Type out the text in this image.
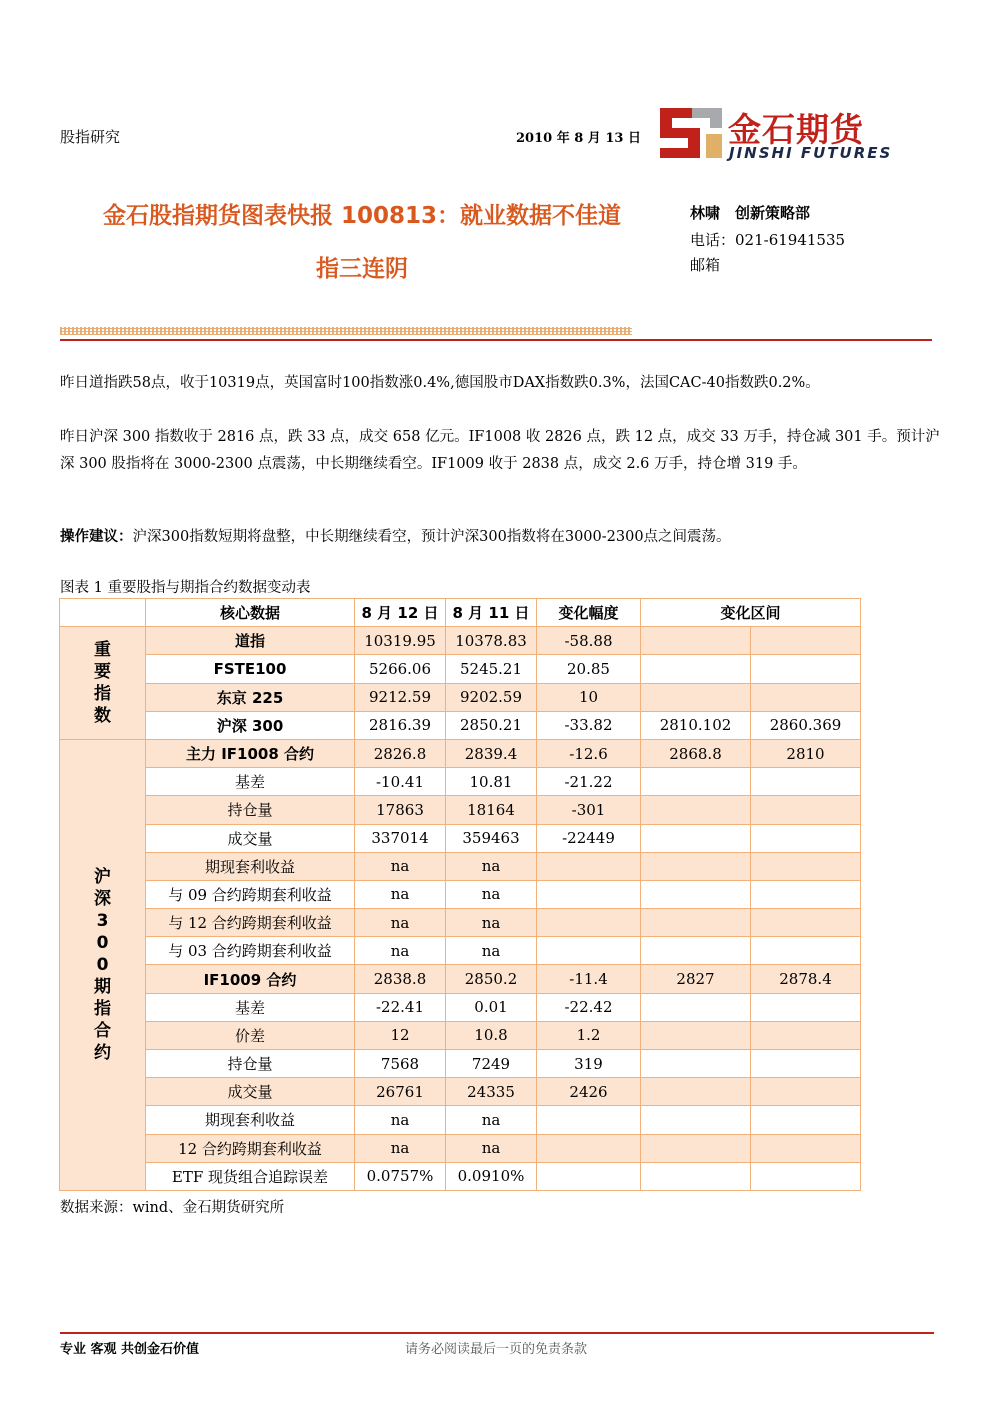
股指研究	2010 年 8 月 13 日	金石期货
JINSHI FUTURES
金石股指期货图表快报 100813：就业数据不佳道
指三连阴
林啸　创新策略部
电话：021-61941535
邮箱
昨日道指跌58点，收于10319点，英国富时100指数涨0.4%,德国股市DAX指数跌0.3%，法国CAC-40指数跌0.2%。
昨日沪深 300 指数收于 2816 点，跌 33 点，成交 658 亿元。IF1008 收 2826 点，跌 12 点，成交 33 万手，持仓减 301 手。预计沪深 300 股指将在 3000-2300 点震荡，中长期继续看空。IF1009 收于 2838 点，成交 2.6 万手，持仓增 319 手。
操作建议：沪深300指数短期将盘整，中长期继续看空，预计沪深300指数将在3000-2300点之间震荡。
图表 1 重要股指与期指合约数据变动表
	核心数据	8 月 12 日	8 月 11 日	变化幅度	变化区间	
重要指数	道指	10319.95	10378.83	-58.88		
	FSTE100	5266.06	5245.21	20.85		
	东京 225	9212.59	9202.59	10		
	沪深 300	2816.39	2850.21	-33.82	2810.102	2860.369
沪深300期指合约	主力 IF1008 合约	2826.8	2839.4	-12.6	2868.8	2810
	基差	-10.41	10.81	-21.22		
	持仓量	17863	18164	-301		
	成交量	337014	359463	-22449		
	期现套利收益	na	na			
	与 09 合约跨期套利收益	na	na			
	与 12 合约跨期套利收益	na	na			
	与 03 合约跨期套利收益	na	na			
	IF1009 合约	2838.8	2850.2	-11.4	2827	2878.4
	基差	-22.41	0.01	-22.42		
	价差	12	10.8	1.2		
	持仓量	7568	7249	319		
	成交量	26761	24335	2426		
	期现套利收益	na	na			
	12 合约跨期套利收益	na	na			
	ETF 现货组合追踪误差	0.0757%	0.0910%			
数据来源：wind、金石期货研究所
专业 客观 共创金石价值	请务必阅读最后一页的免责条款
